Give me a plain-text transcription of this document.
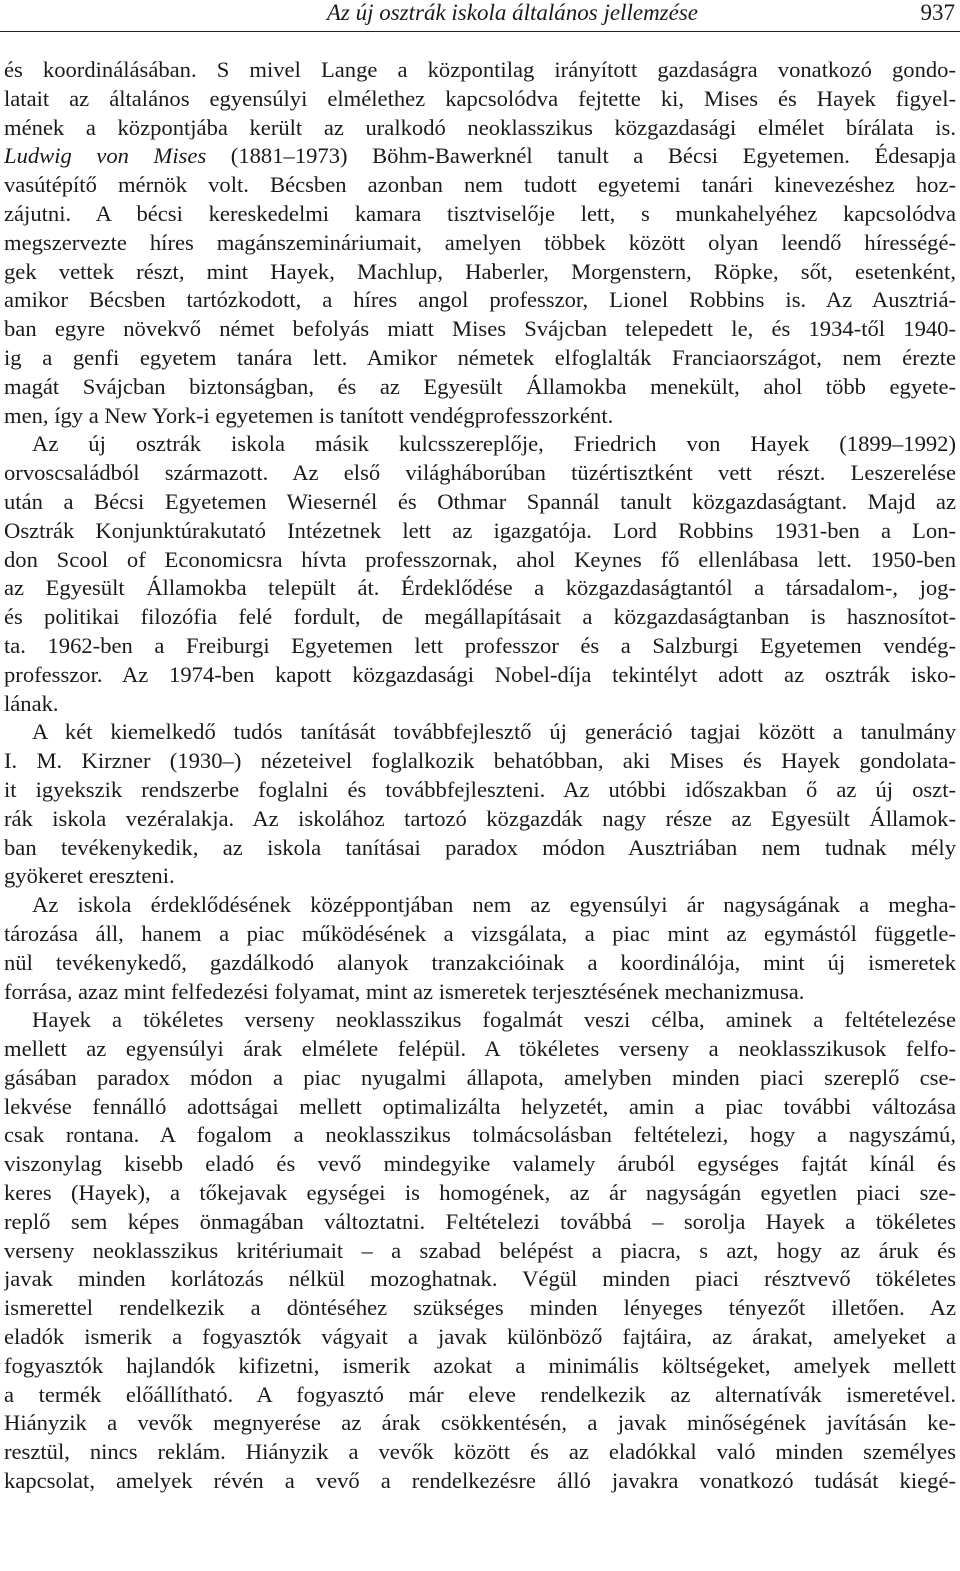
Az új osztrák iskola általános jellemzése	937
és koordinálásában. S mivel Lange a központilag irányított gazdaságra vonatkozó gondo-
latait az általános egyensúlyi elmélethez kapcsolódva fejtette ki, Mises és Hayek figyel-
mének a központjába került az uralkodó neoklasszikus közgazdasági elmélet bírálata is.
Ludwig von Mises (1881–1973) Böhm-Bawerknél tanult a Bécsi Egyetemen. Édesapja
vasútépítő mérnök volt. Bécsben azonban nem tudott egyetemi tanári kinevezéshez hoz-
zájutni. A bécsi kereskedelmi kamara tisztviselője lett, s munkahelyéhez kapcsolódva
megszervezte híres magánszemináriumait, amelyen többek között olyan leendő hírességé-
gek vettek részt, mint Hayek, Machlup, Haberler, Morgenstern, Röpke, sőt, esetenként,
amikor Bécsben tartózkodott, a híres angol professzor, Lionel Robbins is. Az Ausztriá-
ban egyre növekvő német befolyás miatt Mises Svájcban telepedett le, és 1934-től 1940-
ig a genfi egyetem tanára lett. Amikor németek elfoglalták Franciaországot, nem érezte
magát Svájcban biztonságban, és az Egyesült Államokba menekült, ahol több egyete-
men, így a New York-i egyetemen is tanított vendégprofesszorként.
Az új osztrák iskola másik kulcsszereplője, Friedrich von Hayek (1899–1992)
orvoscsaládból származott. Az első világháborúban tüzértisztként vett részt. Leszerelése
után a Bécsi Egyetemen Wiesernél és Othmar Spannál tanult közgazdaságtant. Majd az
Osztrák Konjunktúrakutató Intézetnek lett az igazgatója. Lord Robbins 1931-ben a Lon-
don Scool of Economicsra hívta professzornak, ahol Keynes fő ellenlábasa lett. 1950-ben
az Egyesült Államokba települt át. Érdeklődése a közgazdaságtantól a társadalom-, jog-
és politikai filozófia felé fordult, de megállapításait a közgazdaságtanban is hasznosítot-
ta. 1962-ben a Freiburgi Egyetemen lett professzor és a Salzburgi Egyetemen vendég-
professzor. Az 1974-ben kapott közgazdasági Nobel-díja tekintélyt adott az osztrák isko-
lának.
A két kiemelkedő tudós tanítását továbbfejlesztő új generáció tagjai között a tanulmány
I. M. Kirzner (1930–) nézeteivel foglalkozik behatóbban, aki Mises és Hayek gondolata-
it igyekszik rendszerbe foglalni és továbbfejleszteni. Az utóbbi időszakban ő az új oszt-
rák iskola vezéralakja. Az iskolához tartozó közgazdák nagy része az Egyesült Államok-
ban tevékenykedik, az iskola tanításai paradox módon Ausztriában nem tudnak mély
gyökeret ereszteni.
Az iskola érdeklődésének középpontjában nem az egyensúlyi ár nagyságának a megha-
tározása áll, hanem a piac működésének a vizsgálata, a piac mint az egymástól függetle-
nül tevékenykedő, gazdálkodó alanyok tranzakcióinak a koordinálója, mint új ismeretek
forrása, azaz mint felfedezési folyamat, mint az ismeretek terjesztésének mechanizmusa.
Hayek a tökéletes verseny neoklasszikus fogalmát veszi célba, aminek a feltételezése
mellett az egyensúlyi árak elmélete felépül. A tökéletes verseny a neoklasszikusok felfo-
gásában paradox módon a piac nyugalmi állapota, amelyben minden piaci szereplő cse-
lekvése fennálló adottságai mellett optimalizálta helyzetét, amin a piac további változása
csak rontana. A fogalom a neoklasszikus tolmácsolásban feltételezi, hogy a nagyszámú,
viszonylag kisebb eladó és vevő mindegyike valamely áruból egységes fajtát kínál és
keres (Hayek), a tőkejavak egységei is homogének, az ár nagyságán egyetlen piaci sze-
replő sem képes önmagában változtatni. Feltételezi továbbá – sorolja Hayek a tökéletes
verseny neoklasszikus kritériumait – a szabad belépést a piacra, s azt, hogy az áruk és
javak minden korlátozás nélkül mozoghatnak. Végül minden piaci résztvevő tökéletes
ismerettel rendelkezik a döntéséhez szükséges minden lényeges tényezőt illetően. Az
eladók ismerik a fogyasztók vágyait a javak különböző fajtáira, az árakat, amelyeket a
fogyasztók hajlandók kifizetni, ismerik azokat a minimális költségeket, amelyek mellett
a termék előállítható. A fogyasztó már eleve rendelkezik az alternatívák ismeretével.
Hiányzik a vevők megnyerése az árak csökkentésén, a javak minőségének javításán ke-
resztül, nincs reklám. Hiányzik a vevők között és az eladókkal való minden személyes
kapcsolat, amelyek révén a vevő a rendelkezésre álló javakra vonatkozó tudását kiegé-
